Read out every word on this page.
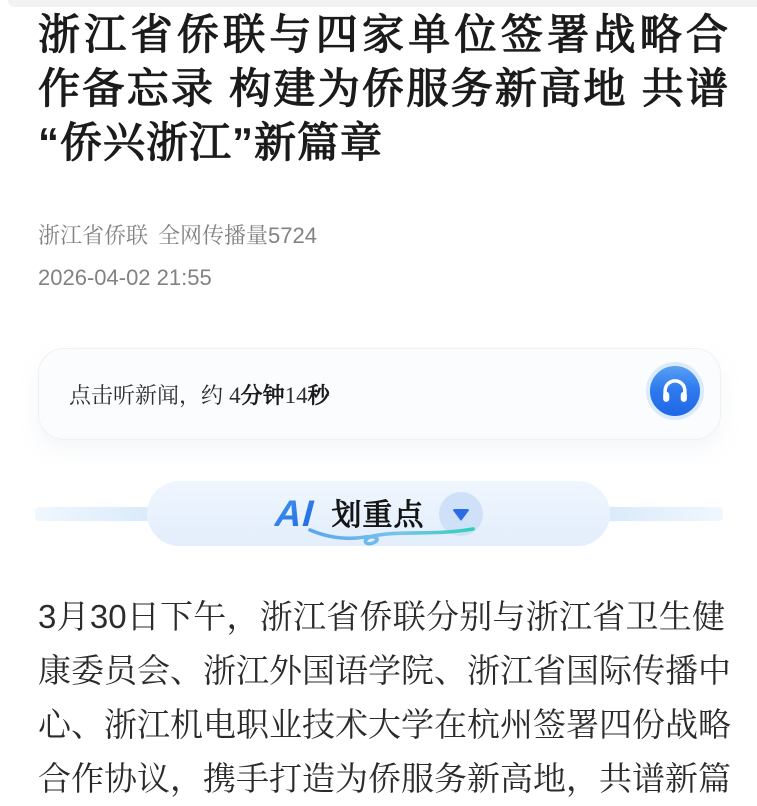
浙江省侨联与四家单位签署战略合
作备忘录 构建为侨服务新高地 共谱
“侨兴浙江”新篇章
浙江省侨联 全网传播量5724
2026-04-02 21:55
点击听新闻，约 4 分钟 14 秒
AI 划重点
3月30日下午，浙江省侨联分别与浙江省卫生健
康委员会、浙江外国语学院、浙江省国际传播中
心、浙江机电职业技术大学在杭州签署四份战略
合作协议，携手打造为侨服务新高地，共谱新篇
